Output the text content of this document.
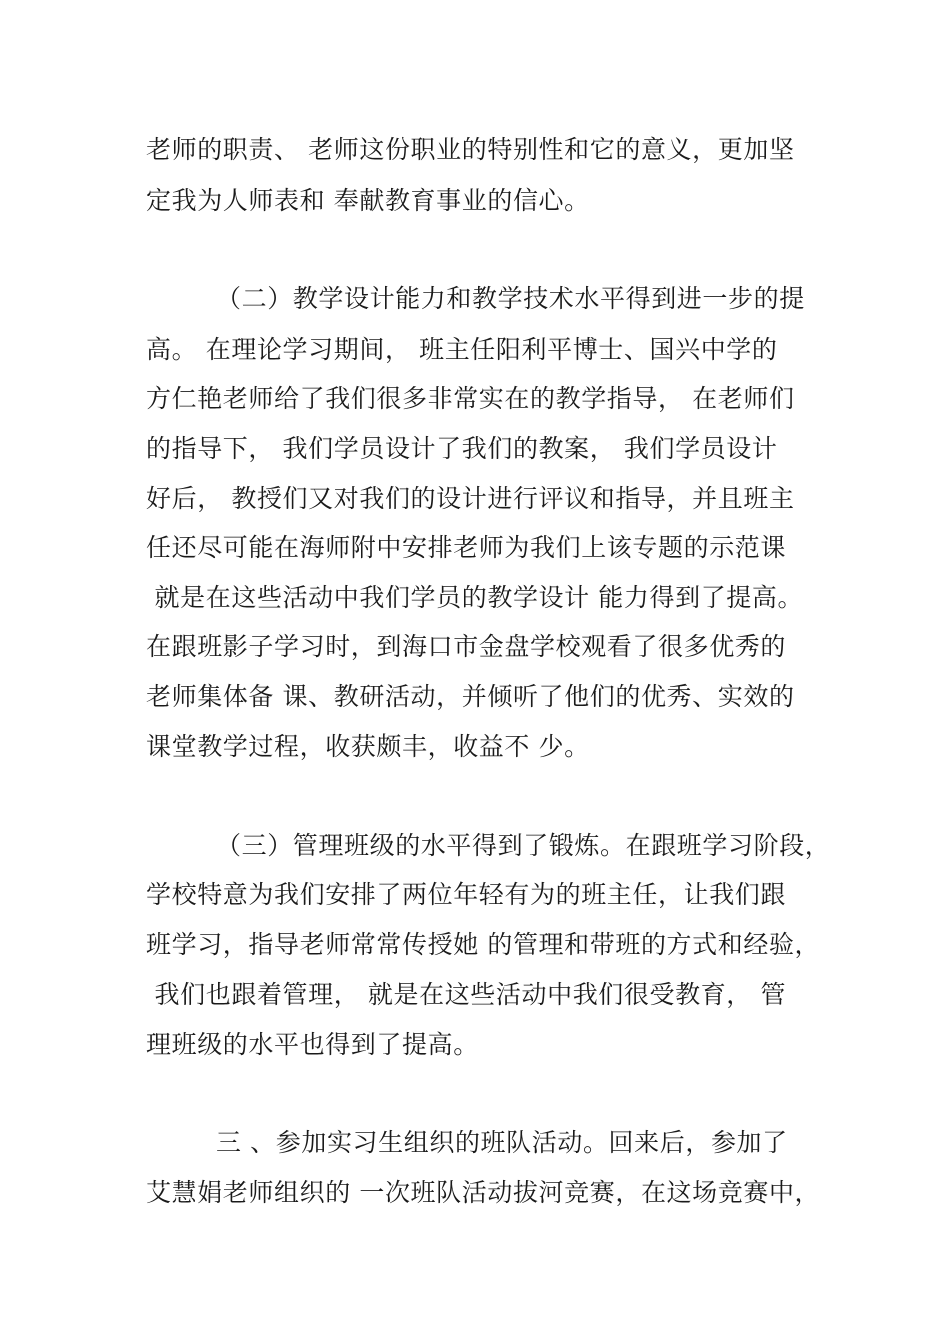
老师的职责、 老师这份职业的特别性和它的意义，更加坚
定我为人师表和 奉献教育事业的信心。
（二）教学设计能力和教学技术水平得到进一步的提
高。 在理论学习期间， 班主任阳利平博士、国兴中学的
方仁艳老师给了我们很多非常实在的教学指导， 在老师们
的指导下， 我们学员设计了我们的教案， 我们学员设计
好后， 教授们又对我们的设计进行评议和指导，并且班主
任还尽可能在海师附中安排老师为我们上该专题的示范课
就是在这些活动中我们学员的教学设计 能力得到了提高。
在跟班影子学习时，到海口市金盘学校观看了很多优秀的
老师集体备 课、教研活动，并倾听了他们的优秀、实效的
课堂教学过程，收获颇丰，收益不 少。
（三）管理班级的水平得到了锻炼。在跟班学习阶段，
学校特意为我们安排了两位年轻有为的班主任，让我们跟
班学习，指导老师常常传授她 的管理和带班的方式和经验，
我们也跟着管理， 就是在这些活动中我们很受教育， 管
理班级的水平也得到了提高。
三 、参加实习生组织的班队活动。回来后，参加了
艾慧娟老师组织的 一次班队活动拔河竞赛，在这场竞赛中，
